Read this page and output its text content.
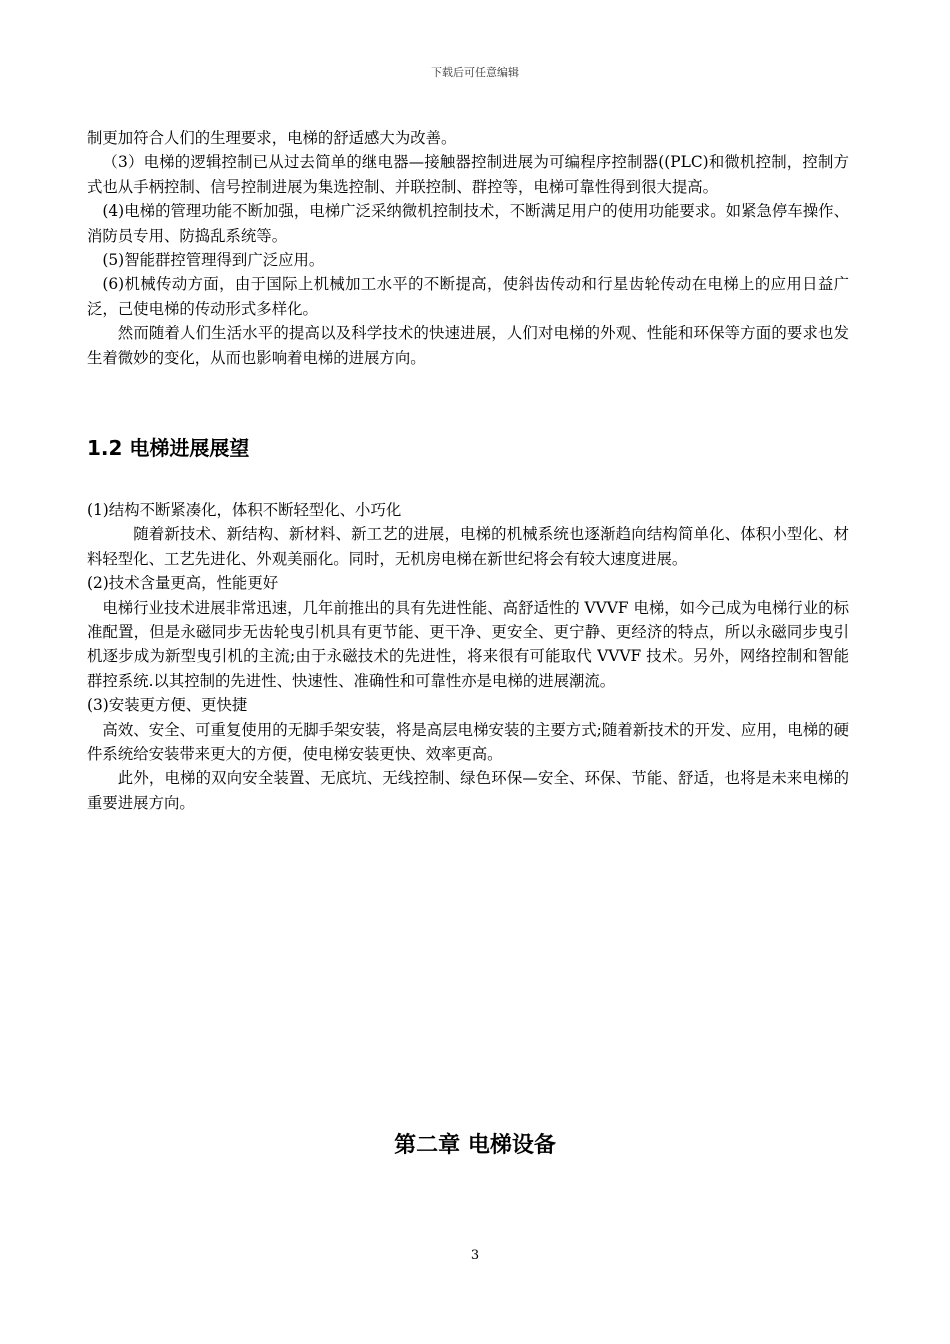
下载后可任意编辑

制更加符合人们的生理要求，电梯的舒适感大为改善。

（3）电梯的逻辑控制已从过去简单的继电器—接触器控制进展为可编程序控制器((PLC)和微机控制，控制方式也从手柄控制、信号控制进展为集选控制、并联控制、群控等，电梯可靠性得到很大提高。

(4)电梯的管理功能不断加强，电梯广泛采纳微机控制技术，不断满足用户的使用功能要求。如紧急停车操作、消防员专用、防捣乱系统等。

(5)智能群控管理得到广泛应用。

(6)机械传动方面，由于国际上机械加工水平的不断提高，使斜齿传动和行星齿轮传动在电梯上的应用日益广泛，己使电梯的传动形式多样化。

然而随着人们生活水平的提高以及科学技术的快速进展，人们对电梯的外观、性能和环保等方面的要求也发生着微妙的变化，从而也影响着电梯的进展方向。

1.2 电梯进展展望

(1)结构不断紧凑化，体积不断轻型化、小巧化

随着新技术、新结构、新材料、新工艺的进展，电梯的机械系统也逐渐趋向结构简单化、体积小型化、材料轻型化、工艺先进化、外观美丽化。同时，无机房电梯在新世纪将会有较大速度进展。

(2)技术含量更高，性能更好

电梯行业技术进展非常迅速，几年前推出的具有先进性能、高舒适性的 VVVF 电梯，如今己成为电梯行业的标准配置，但是永磁同步无齿轮曳引机具有更节能、更干净、更安全、更宁静、更经济的特点，所以永磁同步曳引机逐步成为新型曳引机的主流;由于永磁技术的先进性，将来很有可能取代 VVVF 技术。另外，网络控制和智能群控系统.以其控制的先进性、快速性、准确性和可靠性亦是电梯的进展潮流。

(3)安装更方便、更快捷

高效、安全、可重复使用的无脚手架安装，将是高层电梯安装的主要方式;随着新技术的开发、应用，电梯的硬件系统给安装带来更大的方便，使电梯安装更快、效率更高。

此外，电梯的双向安全装置、无底坑、无线控制、绿色环保—安全、环保、节能、舒适，也将是未来电梯的重要进展方向。

第二章 电梯设备
3
